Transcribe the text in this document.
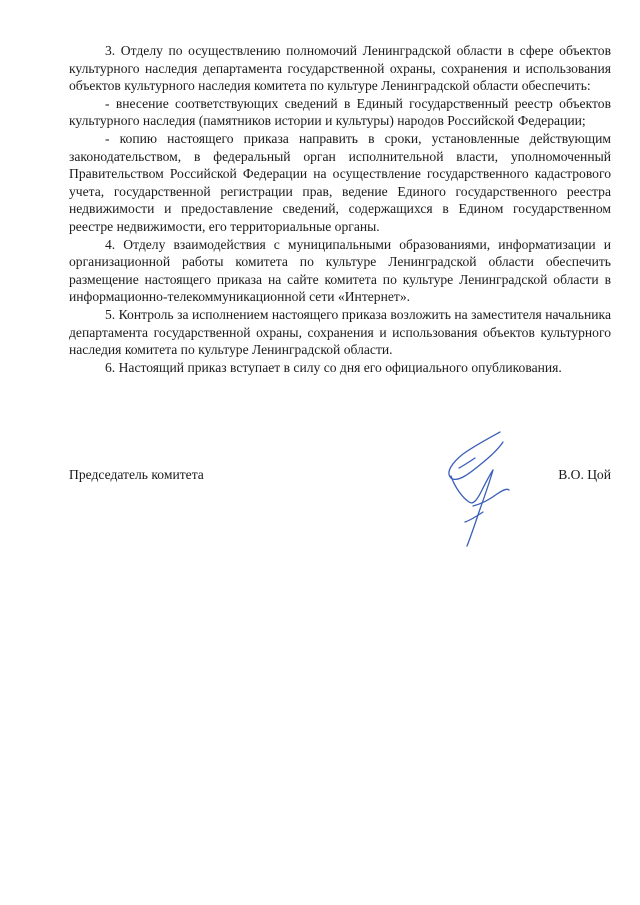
3. Отделу по осуществлению полномочий Ленинградской области в сфере объектов культурного наследия департамента государственной охраны, сохранения и использования объектов культурного наследия комитета по культуре Ленинградской области обеспечить:

- внесение соответствующих сведений в Единый государственный реестр объектов культурного наследия (памятников истории и культуры) народов Российской Федерации;

- копию настоящего приказа направить в сроки, установленные действующим законодательством, в федеральный орган исполнительной власти, уполномоченный Правительством Российской Федерации на осуществление государственного кадастрового учета, государственной регистрации прав, ведение Единого государственного реестра недвижимости и предоставление сведений, содержащихся в Едином государственном реестре недвижимости, его территориальные органы.

4. Отделу взаимодействия с муниципальными образованиями, информатизации и организационной работы комитета по культуре Ленинградской области обеспечить размещение настоящего приказа на сайте комитета по культуре Ленинградской области в информационно-телекоммуникационной сети «Интернет».

5. Контроль за исполнением настоящего приказа возложить на заместителя начальника департамента государственной охраны, сохранения и использования объектов культурного наследия комитета по культуре Ленинградской области.

6. Настоящий приказ вступает в силу со дня его официального опубликования.

Председатель комитета	В.О. Цой
